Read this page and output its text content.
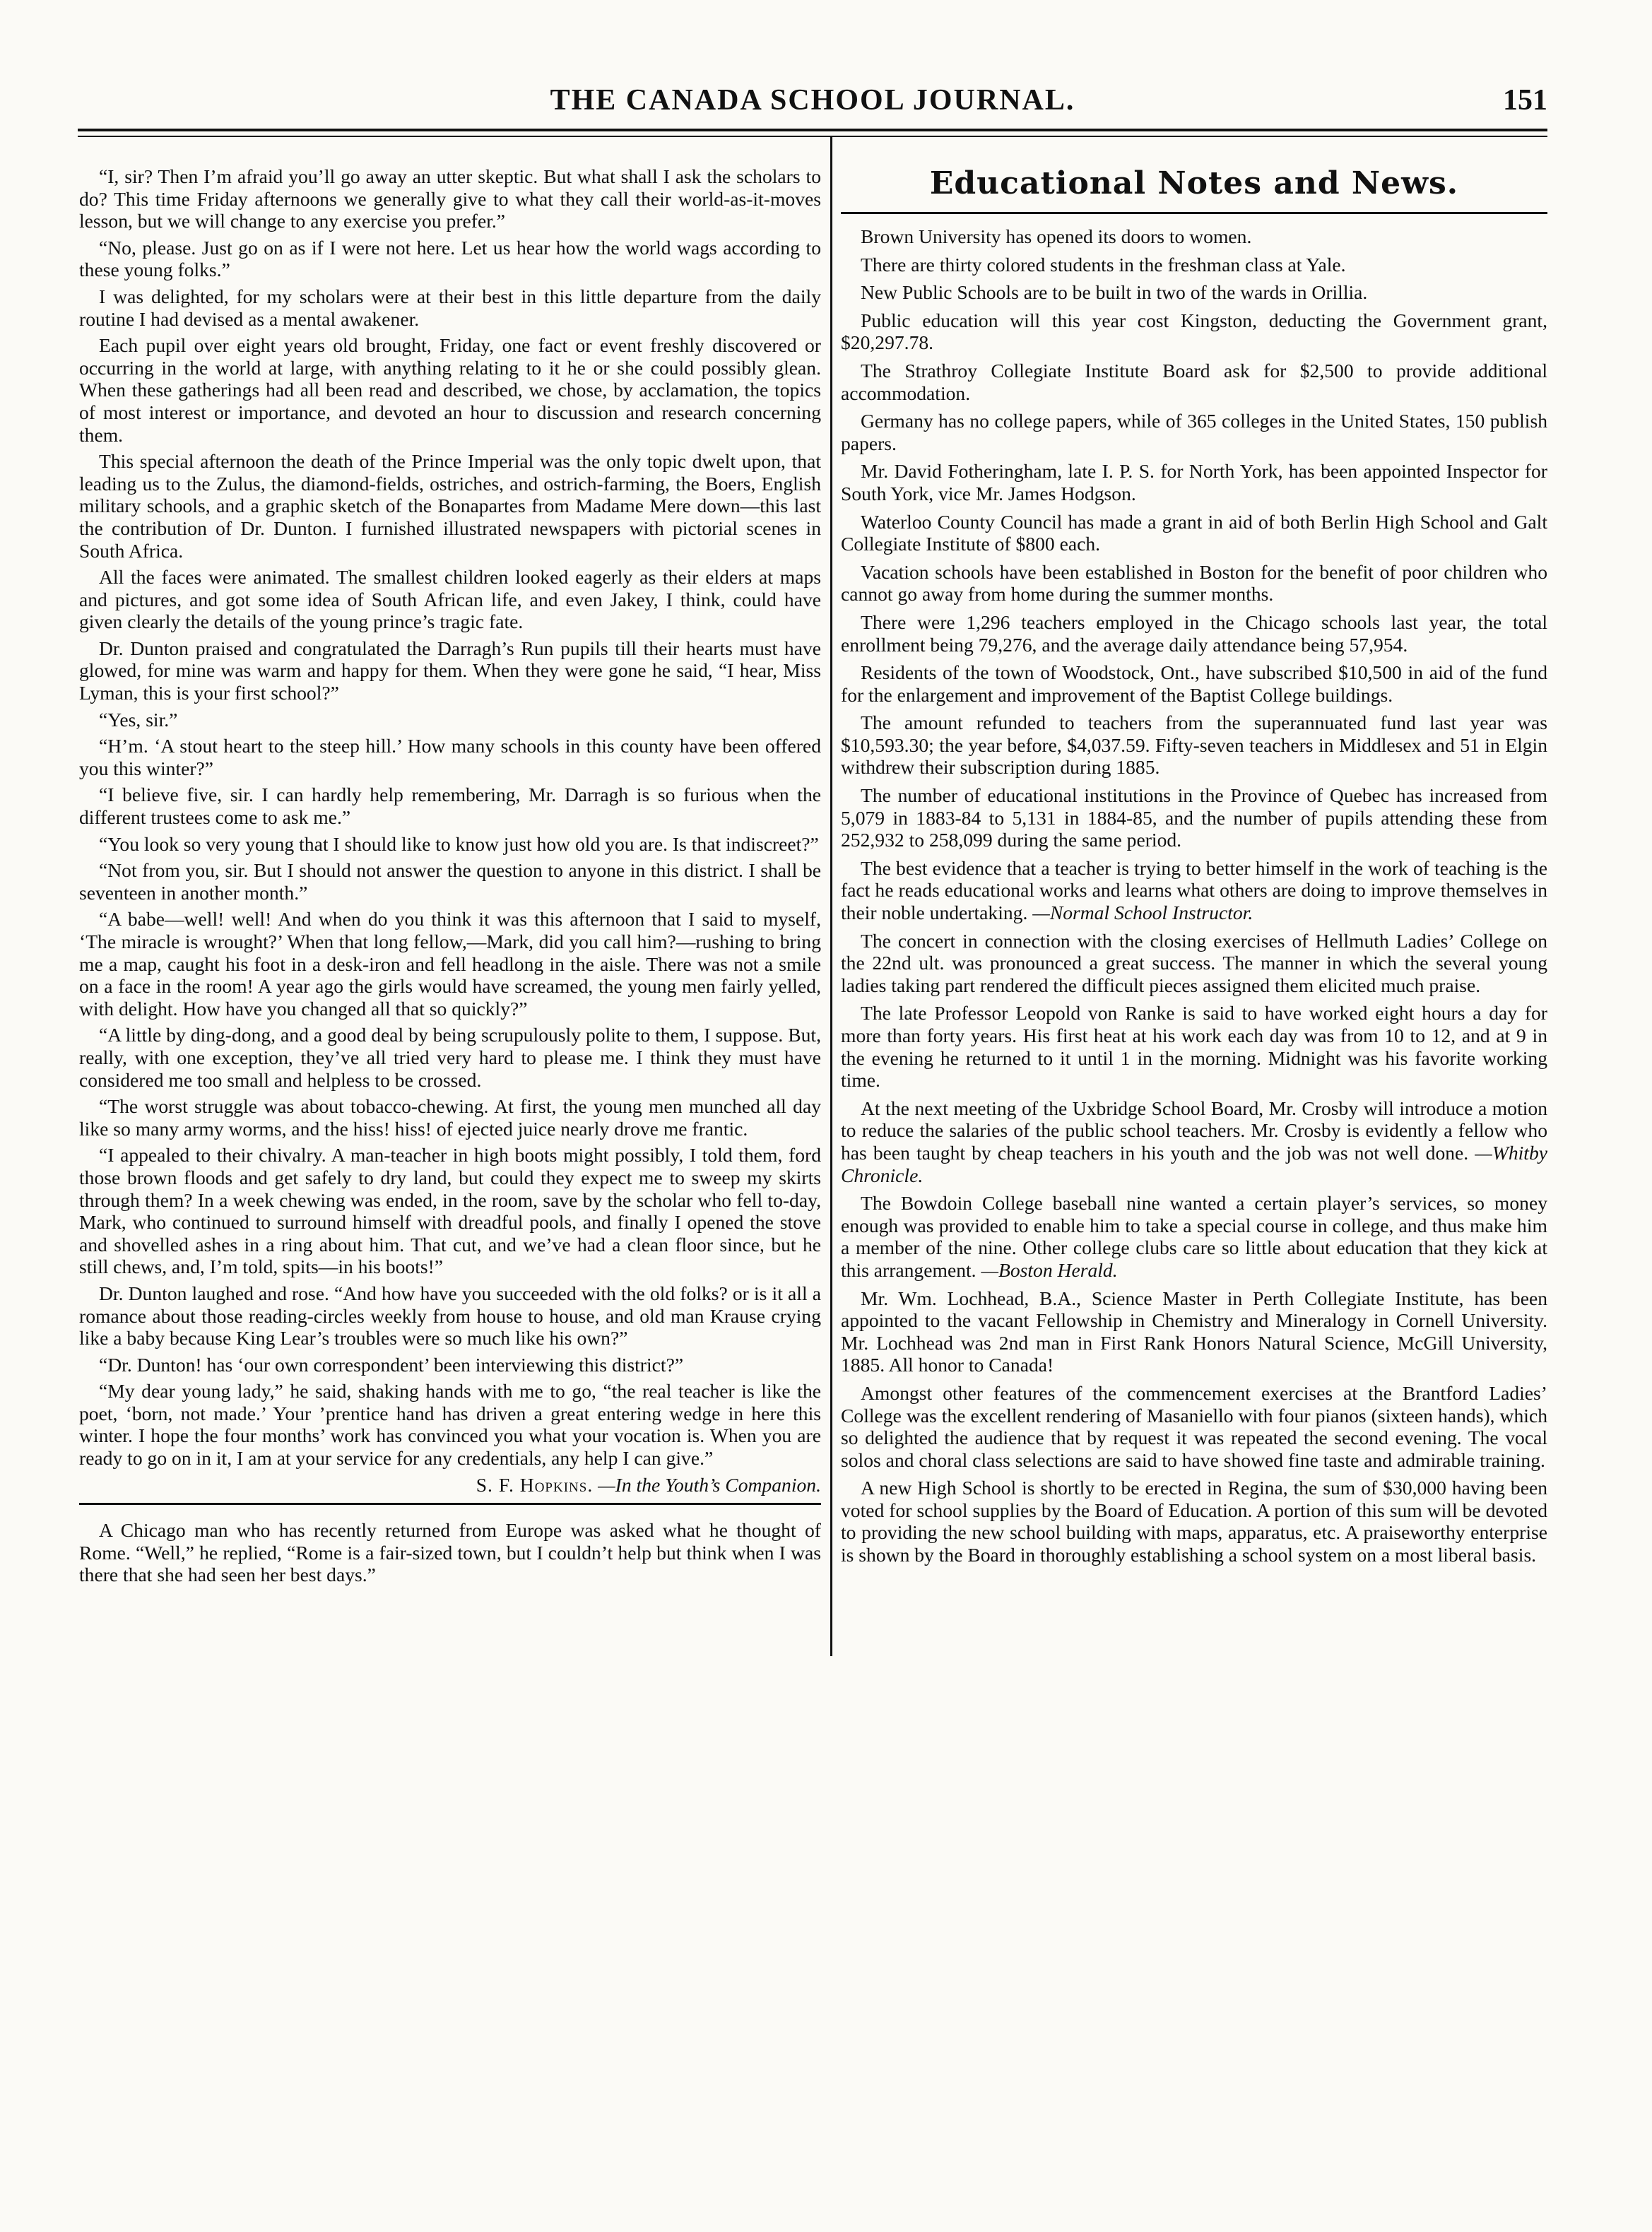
THE CANADA SCHOOL JOURNAL.	151

“I, sir? Then I’m afraid you’ll go away an utter skeptic. But what shall I ask the scholars to do? This time Friday afternoons we generally give to what they call their world-as-it-moves lesson, but we will change to any exercise you prefer.”

“No, please. Just go on as if I were not here. Let us hear how the world wags according to these young folks.”

I was delighted, for my scholars were at their best in this little departure from the daily routine I had devised as a mental awakener.

Each pupil over eight years old brought, Friday, one fact or event freshly discovered or occurring in the world at large, with anything relating to it he or she could possibly glean. When these gatherings had all been read and described, we chose, by acclamation, the topics of most interest or importance, and devoted an hour to discussion and research concerning them.

This special afternoon the death of the Prince Imperial was the only topic dwelt upon, that leading us to the Zulus, the diamond-fields, ostriches, and ostrich-farming, the Boers, English military schools, and a graphic sketch of the Bonapartes from Madame Mere down—this last the contribution of Dr. Dunton. I furnished illustrated newspapers with pictorial scenes in South Africa.

All the faces were animated. The smallest children looked eagerly as their elders at maps and pictures, and got some idea of South African life, and even Jakey, I think, could have given clearly the details of the young prince’s tragic fate.

Dr. Dunton praised and congratulated the Darragh’s Run pupils till their hearts must have glowed, for mine was warm and happy for them. When they were gone he said, “I hear, Miss Lyman, this is your first school?”

“Yes, sir.”

“H’m. ‘A stout heart to the steep hill.’ How many schools in this county have been offered you this winter?”

“I believe five, sir. I can hardly help remembering, Mr. Darragh is so furious when the different trustees come to ask me.”

“You look so very young that I should like to know just how old you are. Is that indiscreet?”

“Not from you, sir. But I should not answer the question to anyone in this district. I shall be seventeen in another month.”

“A babe—well! well! And when do you think it was this afternoon that I said to myself, ‘The miracle is wrought?’ When that long fellow,—Mark, did you call him?—rushing to bring me a map, caught his foot in a desk-iron and fell headlong in the aisle. There was not a smile on a face in the room! A year ago the girls would have screamed, the young men fairly yelled, with delight. How have you changed all that so quickly?”

“A little by ding-dong, and a good deal by being scrupulously polite to them, I suppose. But, really, with one exception, they’ve all tried very hard to please me. I think they must have considered me too small and helpless to be crossed.

“The worst struggle was about tobacco-chewing. At first, the young men munched all day like so many army worms, and the hiss! hiss! of ejected juice nearly drove me frantic.

“I appealed to their chivalry. A man-teacher in high boots might possibly, I told them, ford those brown floods and get safely to dry land, but could they expect me to sweep my skirts through them? In a week chewing was ended, in the room, save by the scholar who fell to-day, Mark, who continued to surround himself with dreadful pools, and finally I opened the stove and shovelled ashes in a ring about him. That cut, and we’ve had a clean floor since, but he still chews, and, I’m told, spits—in his boots!”

Dr. Dunton laughed and rose. “And how have you succeeded with the old folks? or is it all a romance about those reading-circles weekly from house to house, and old man Krause crying like a baby because King Lear’s troubles were so much like his own?”

“Dr. Dunton! has ‘our own correspondent’ been interviewing this district?”

“My dear young lady,” he said, shaking hands with me to go, “the real teacher is like the poet, ‘born, not made.’ Your ’prentice hand has driven a great entering wedge in here this winter. I hope the four months’ work has convinced you what your vocation is. When you are ready to go on in it, I am at your service for any credentials, any help I can give.”

S. F. Hopkins. —In the Youth’s Companion.

A Chicago man who has recently returned from Europe was asked what he thought of Rome. “Well,” he replied, “Rome is a fair-sized town, but I couldn’t help but think when I was there that she had seen her best days.”

Educational Notes and News.

Brown University has opened its doors to women.

There are thirty colored students in the freshman class at Yale.

New Public Schools are to be built in two of the wards in Orillia.

Public education will this year cost Kingston, deducting the Government grant, $20,297.78.

The Strathroy Collegiate Institute Board ask for $2,500 to provide additional accommodation.

Germany has no college papers, while of 365 colleges in the United States, 150 publish papers.

Mr. David Fotheringham, late I. P. S. for North York, has been appointed Inspector for South York, vice Mr. James Hodgson.

Waterloo County Council has made a grant in aid of both Berlin High School and Galt Collegiate Institute of $800 each.

Vacation schools have been established in Boston for the benefit of poor children who cannot go away from home during the summer months.

There were 1,296 teachers employed in the Chicago schools last year, the total enrollment being 79,276, and the average daily attendance being 57,954.

Residents of the town of Woodstock, Ont., have subscribed $10,500 in aid of the fund for the enlargement and improvement of the Baptist College buildings.

The amount refunded to teachers from the superannuated fund last year was $10,593.30; the year before, $4,037.59. Fifty-seven teachers in Middlesex and 51 in Elgin withdrew their subscription during 1885.

The number of educational institutions in the Province of Quebec has increased from 5,079 in 1883-84 to 5,131 in 1884-85, and the number of pupils attending these from 252,932 to 258,099 during the same period.

The best evidence that a teacher is trying to better himself in the work of teaching is the fact he reads educational works and learns what others are doing to improve themselves in their noble undertaking. —Normal School Instructor.

The concert in connection with the closing exercises of Hellmuth Ladies’ College on the 22nd ult. was pronounced a great success. The manner in which the several young ladies taking part rendered the difficult pieces assigned them elicited much praise.

The late Professor Leopold von Ranke is said to have worked eight hours a day for more than forty years. His first heat at his work each day was from 10 to 12, and at 9 in the evening he returned to it until 1 in the morning. Midnight was his favorite working time.

At the next meeting of the Uxbridge School Board, Mr. Crosby will introduce a motion to reduce the salaries of the public school teachers. Mr. Crosby is evidently a fellow who has been taught by cheap teachers in his youth and the job was not well done. —Whitby Chronicle.

The Bowdoin College baseball nine wanted a certain player’s services, so money enough was provided to enable him to take a special course in college, and thus make him a member of the nine. Other college clubs care so little about education that they kick at this arrangement. —Boston Herald.

Mr. Wm. Lochhead, B.A., Science Master in Perth Collegiate Institute, has been appointed to the vacant Fellowship in Chemistry and Mineralogy in Cornell University. Mr. Lochhead was 2nd man in First Rank Honors Natural Science, McGill University, 1885. All honor to Canada!

Amongst other features of the commencement exercises at the Brantford Ladies’ College was the excellent rendering of Masaniello with four pianos (sixteen hands), which so delighted the audience that by request it was repeated the second evening. The vocal solos and choral class selections are said to have showed fine taste and admirable training.

A new High School is shortly to be erected in Regina, the sum of $30,000 having been voted for school supplies by the Board of Education. A portion of this sum will be devoted to providing the new school building with maps, apparatus, etc. A praiseworthy enterprise is shown by the Board in thoroughly establishing a school system on a most liberal basis.
